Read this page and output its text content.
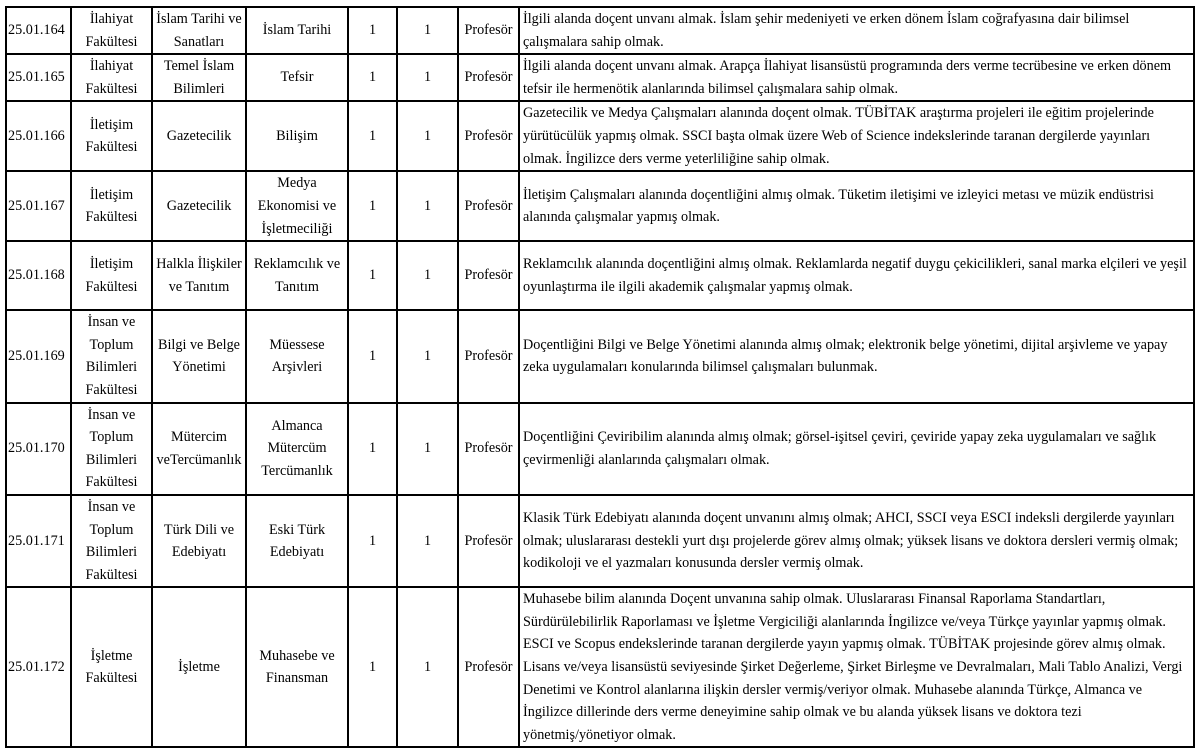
25.01.164	İlahiyat Fakültesi	İslam Tarihi ve Sanatları	İslam Tarihi	1	1	Profesör	İlgili alanda doçent unvanı almak. İslam şehir medeniyeti ve erken dönem İslam coğrafyasına dair bilimsel çalışmalara sahip olmak.
25.01.165	İlahiyat Fakültesi	Temel İslam Bilimleri	Tefsir	1	1	Profesör	İlgili alanda doçent unvanı almak. Arapça İlahiyat lisansüstü programında ders verme tecrübesine ve erken dönem tefsir ile hermenötik alanlarında bilimsel çalışmalara sahip olmak.
25.01.166	İletişim Fakültesi	Gazetecilik	Bilişim	1	1	Profesör	Gazetecilik ve Medya Çalışmaları alanında doçent olmak. TÜBİTAK araştırma projeleri ile eğitim projelerinde yürütücülük yapmış olmak. SSCI başta olmak üzere Web of Science indekslerinde taranan dergilerde yayınları olmak. İngilizce ders verme yeterliliğine sahip olmak.
25.01.167	İletişim Fakültesi	Gazetecilik	Medya Ekonomisi ve İşletmeciliği	1	1	Profesör	İletişim Çalışmaları alanında doçentliğini almış olmak. Tüketim iletişimi ve izleyici metası ve müzik endüstrisi alanında çalışmalar yapmış olmak.
25.01.168	İletişim Fakültesi	Halkla İlişkiler ve Tanıtım	Reklamcılık ve Tanıtım	1	1	Profesör	Reklamcılık alanında doçentliğini almış olmak. Reklamlarda negatif duygu çekicilikleri, sanal marka elçileri ve yeşil oyunlaştırma ile ilgili akademik çalışmalar yapmış olmak.
25.01.169	İnsan ve Toplum Bilimleri Fakültesi	Bilgi ve Belge Yönetimi	Müessese Arşivleri	1	1	Profesör	Doçentliğini Bilgi ve Belge Yönetimi alanında almış olmak; elektronik belge yönetimi, dijital arşivleme ve yapay zeka uygulamaları konularında bilimsel çalışmaları bulunmak.
25.01.170	İnsan ve Toplum Bilimleri Fakültesi	Mütercim veTercümanlık	Almanca Mütercüm Tercümanlık	1	1	Profesör	Doçentliğini Çeviribilim alanında almış olmak; görsel-işitsel çeviri, çeviride yapay zeka uygulamaları ve sağlık çevirmenliği alanlarında çalışmaları olmak.
25.01.171	İnsan ve Toplum Bilimleri Fakültesi	Türk Dili ve Edebiyatı	Eski Türk Edebiyatı	1	1	Profesör	Klasik Türk Edebiyatı alanında doçent unvanını almış olmak; AHCI, SSCI veya ESCI indeksli dergilerde yayınları olmak; uluslararası destekli yurt dışı projelerde görev almış olmak; yüksek lisans ve doktora dersleri vermiş olmak; kodikoloji ve el yazmaları konusunda dersler vermiş olmak.
25.01.172	İşletme Fakültesi	İşletme	Muhasebe ve Finansman	1	1	Profesör	Muhasebe bilim alanında Doçent unvanına sahip olmak. Uluslararası Finansal Raporlama Standartları, Sürdürülebilirlik Raporlaması ve İşletme Vergiciliği alanlarında İngilizce ve/veya Türkçe yayınlar yapmış olmak. ESCI ve Scopus endekslerinde taranan dergilerde yayın yapmış olmak. TÜBİTAK projesinde görev almış olmak. Lisans ve/veya lisansüstü seviyesinde Şirket Değerleme, Şirket Birleşme ve Devralmaları, Mali Tablo Analizi, Vergi Denetimi ve Kontrol alanlarına ilişkin dersler vermiş/veriyor olmak. Muhasebe alanında Türkçe, Almanca ve İngilizce dillerinde ders verme deneyimine sahip olmak ve bu alanda yüksek lisans ve doktora tezi yönetmiş/yönetiyor olmak.
